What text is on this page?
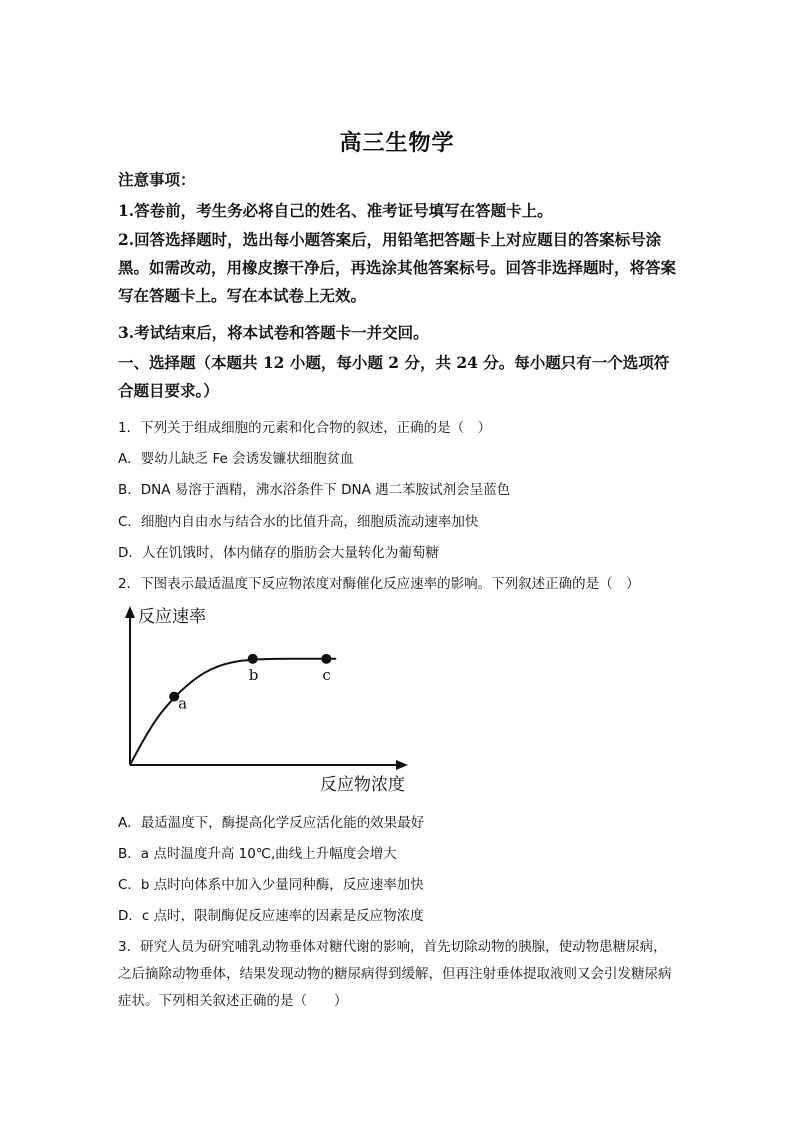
高三生物学
注意事项：
1.答卷前，考生务必将自己的姓名、准考证号填写在答题卡上。
2.回答选择题时，选出每小题答案后，用铅笔把答题卡上对应题目的答案标号涂黑。如需改动，用橡皮擦干净后，再选涂其他答案标号。回答非选择题时，将答案写在答题卡上。写在本试卷上无效。
3.考试结束后，将本试卷和答题卡一并交回。
一、选择题（本题共 12 小题，每小题 2 分，共 24 分。每小题只有一个选项符合题目要求。）
1．下列关于组成细胞的元素和化合物的叙述，正确的是（　）
A．婴幼儿缺乏 Fe 会诱发镰状细胞贫血
B．DNA 易溶于酒精，沸水浴条件下 DNA 遇二苯胺试剂会呈蓝色
C．细胞内自由水与结合水的比值升高，细胞质流动速率加快
D．人在饥饿时，体内储存的脂肪会大量转化为葡萄糖
2．下图表示最适温度下反应物浓度对酶催化反应速率的影响。下列叙述正确的是（　）
反应速率
反应物浓度
a
b	c
A．最适温度下，酶提高化学反应活化能的效果最好
B．a 点时温度升高 10℃,曲线上升幅度会增大
C．b 点时向体系中加入少量同种酶，反应速率加快
D．c 点时，限制酶促反应速率的因素是反应物浓度
3．研究人员为研究哺乳动物垂体对糖代谢的影响，首先切除动物的胰腺，使动物患糖尿病，之后摘除动物垂体，结果发现动物的糖尿病得到缓解，但再注射垂体提取液则又会引发糖尿病症状。下列相关叙述正确的是（　　）
